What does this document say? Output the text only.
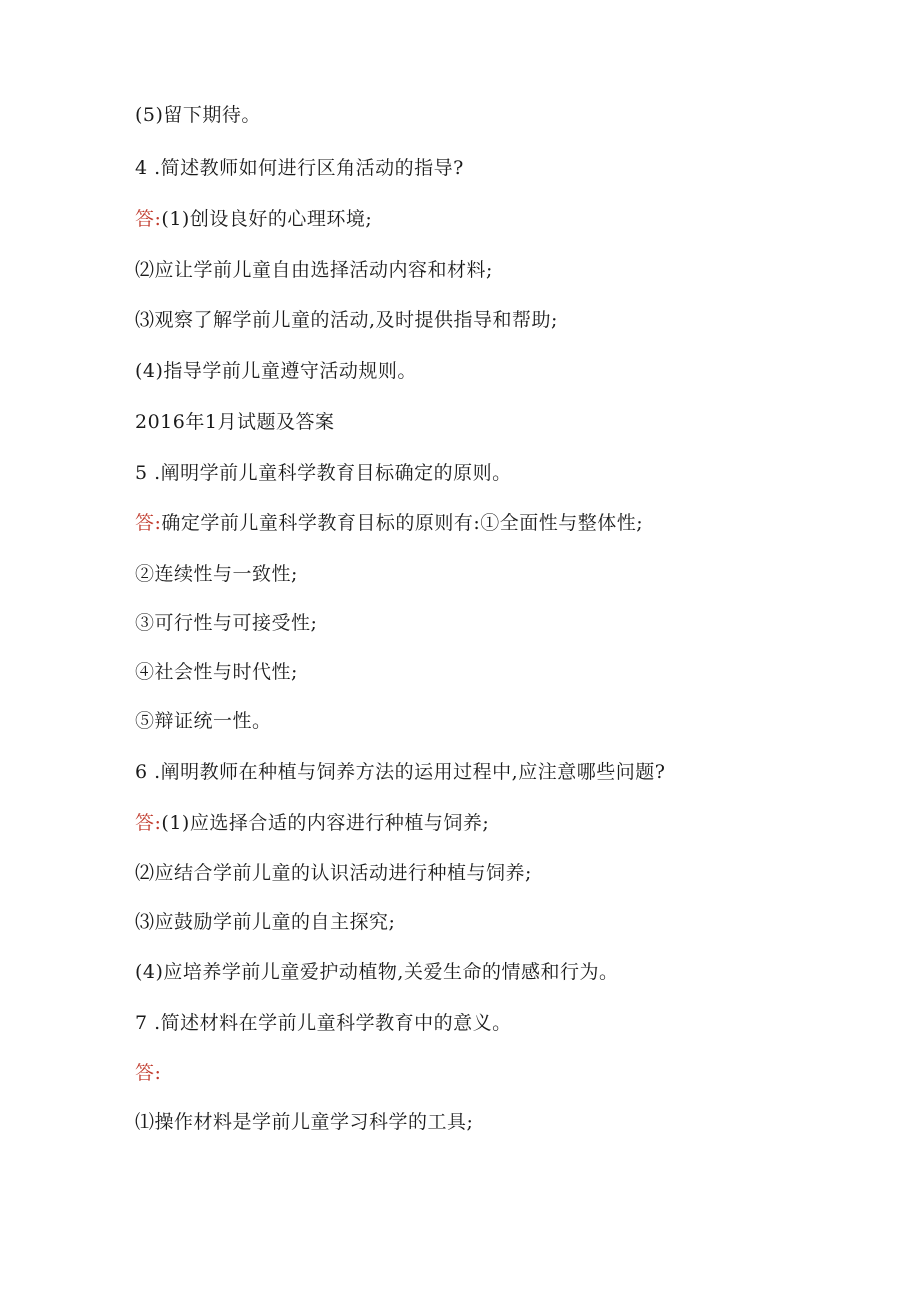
(5)留下期待。
4 .简述教师如何进行区角活动的指导?
答:(1)创设良好的心理环境;
⑵应让学前儿童自由选择活动内容和材料;
⑶观察了解学前儿童的活动,及时提供指导和帮助;
(4)指导学前儿童遵守活动规则。
2016年1月试题及答案
5 .阐明学前儿童科学教育目标确定的原则。
答:确定学前儿童科学教育目标的原则有:①全面性与整体性;
②连续性与一致性;
③可行性与可接受性;
④社会性与时代性;
⑤辩证统一性。
6 .阐明教师在种植与饲养方法的运用过程中,应注意哪些问题?
答:(1)应选择合适的内容进行种植与饲养;
⑵应结合学前儿童的认识活动进行种植与饲养;
⑶应鼓励学前儿童的自主探究;
(4)应培养学前儿童爱护动植物,关爱生命的情感和行为。
7 .简述材料在学前儿童科学教育中的意义。
答:
⑴操作材料是学前儿童学习科学的工具;
